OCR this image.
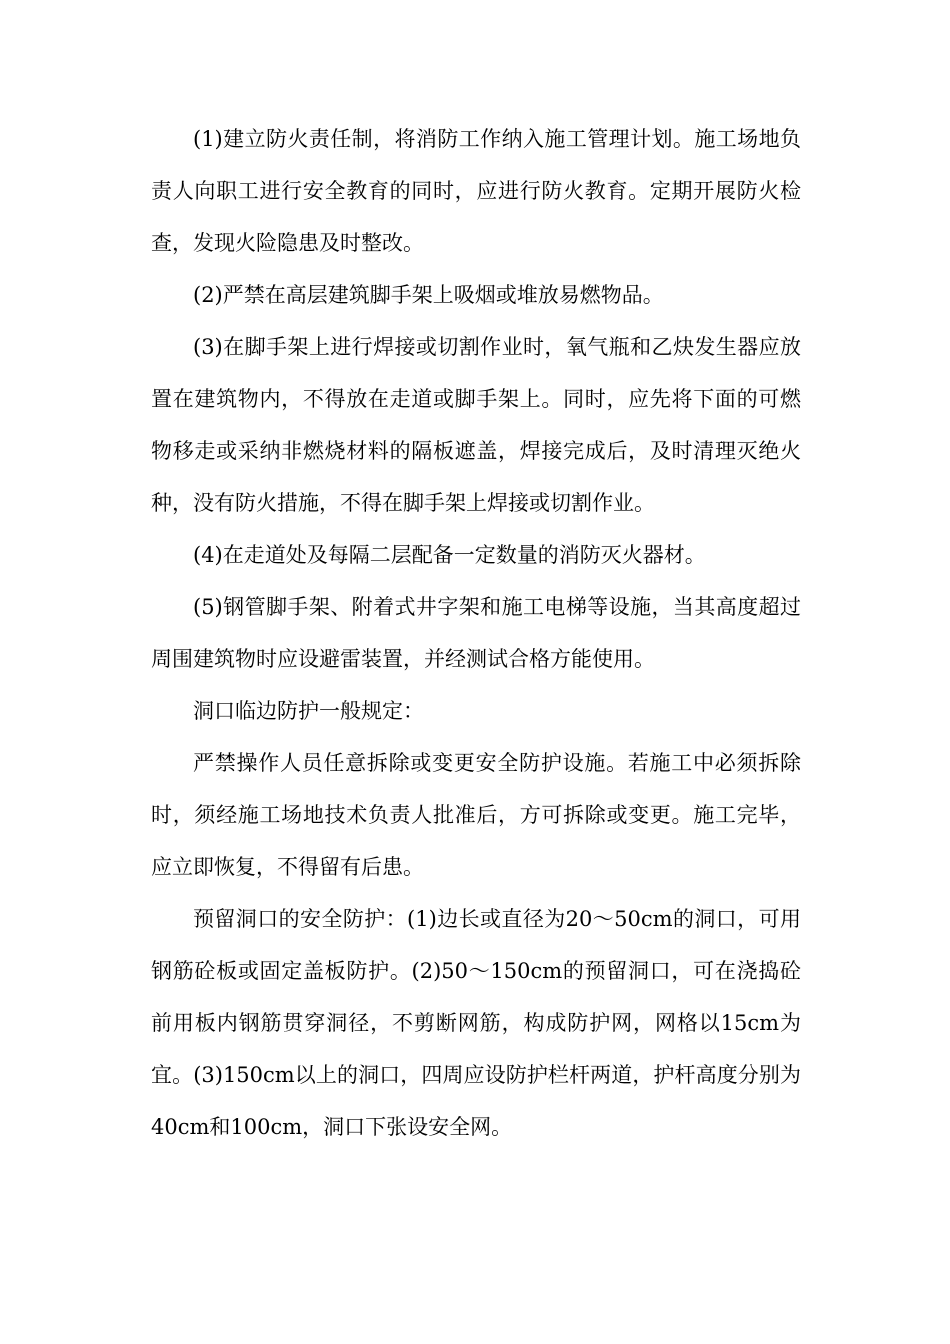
(1)建立防火责任制，将消防工作纳入施工管理计划。施工场地负责人向职工进行安全教育的同时，应进行防火教育。定期开展防火检查，发现火险隐患及时整改。

(2)严禁在高层建筑脚手架上吸烟或堆放易燃物品。

(3)在脚手架上进行焊接或切割作业时，氧气瓶和乙炔发生器应放置在建筑物内，不得放在走道或脚手架上。同时，应先将下面的可燃物移走或采纳非燃烧材料的隔板遮盖，焊接完成后，及时清理灭绝火种，没有防火措施，不得在脚手架上焊接或切割作业。

(4)在走道处及每隔二层配备一定数量的消防灭火器材。

(5)钢管脚手架、附着式井字架和施工电梯等设施，当其高度超过周围建筑物时应设避雷装置，并经测试合格方能使用。

洞口临边防护一般规定：

严禁操作人员任意拆除或变更安全防护设施。若施工中必须拆除时，须经施工场地技术负责人批准后，方可拆除或变更。施工完毕，应立即恢复，不得留有后患。

预留洞口的安全防护：(1)边长或直径为20～50cm的洞口，可用钢筋砼板或固定盖板防护。(2)50～150cm的预留洞口，可在浇捣砼前用板内钢筋贯穿洞径，不剪断网筋，构成防护网，网格以15cm为宜。(3)150cm以上的洞口，四周应设防护栏杆两道，护杆高度分别为40cm和100cm，洞口下张设安全网。
